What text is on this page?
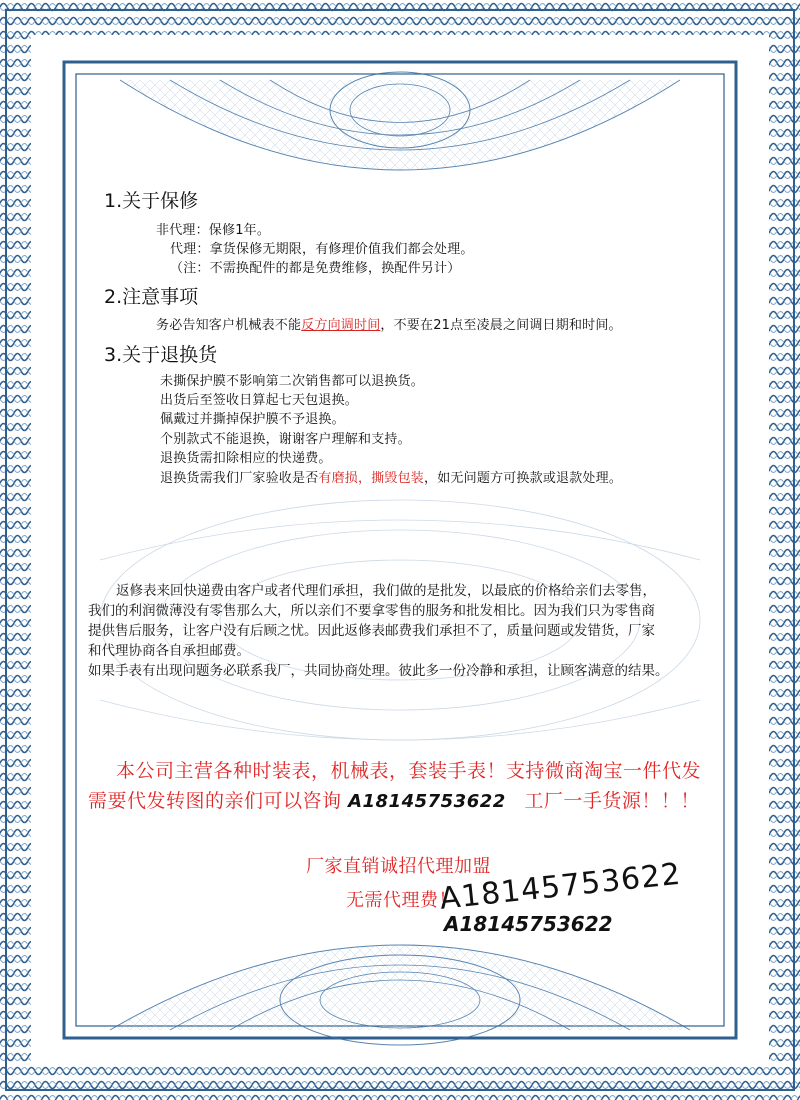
1.关于保修
非代理：保修1年。
代理：拿货保修无期限，有修理价值我们都会处理。
（注：不需换配件的都是免费维修，换配件另计）
2.注意事项
务必告知客户机械表不能反方向调时间，不要在21点至凌晨之间调日期和时间。
3.关于退换货
未撕保护膜不影响第二次销售都可以退换货。
出货后至签收日算起七天包退换。
佩戴过并撕掉保护膜不予退换。
个别款式不能退换，谢谢客户理解和支持。
退换货需扣除相应的快递费。
退换货需我们厂家验收是否有磨损，撕毁包装，如无问题方可换款或退款处理。
返修表来回快递费由客户或者代理们承担，我们做的是批发，以最底的价格给亲们去零售，
我们的利润微薄没有零售那么大，所以亲们不要拿零售的服务和批发相比。因为我们只为零售商
提供售后服务，让客户没有后顾之忧。因此返修表邮费我们承担不了，质量问题或发错货，厂家
和代理协商各自承担邮费。
如果手表有出现问题务必联系我厂，共同协商处理。彼此多一份冷静和承担，让顾客满意的结果。
本公司主营各种时装表，机械表，套装手表！支持微商淘宝一件代发
需要代发转图的亲们可以咨询 A18145753622 工厂一手货源！！！
厂家直销诚招代理加盟
无需代理费！
A18145753622
A18145753622
